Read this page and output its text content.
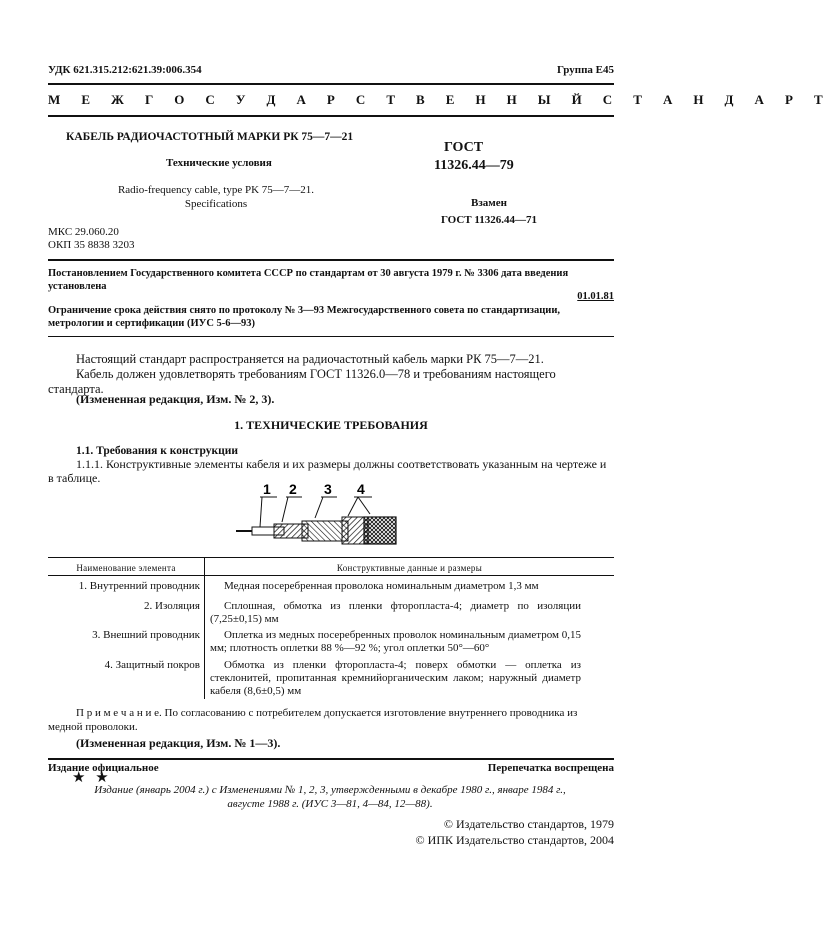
УДК 621.315.212:621.39:006.354	Группа Е45
М Е Ж Г О С У Д А Р С Т В Е Н Н Ы Й С Т А Н Д А Р Т
КАБЕЛЬ РАДИОЧАСТОТНЫЙ МАРКИ РК 75—7—21
Технические условия
Radio-frequency cable, type PK 75—7—21.
Specifications
ГОСТ
11326.44—79
Взамен
ГОСТ 11326.44—71
МКС 29.060.20
ОКП 35 8838 3203
Постановлением Государственного комитета СССР по стандартам от 30 августа 1979 г. № 3306 дата введения установлена
01.01.81
Ограничение срока действия снято по протоколу № 3—93 Межгосударственного совета по стандартизации, метрологии и сертификации (ИУС 5-6—93)
Настоящий стандарт распространяется на радиочастотный кабель марки РК 75—7—21.
Кабель должен удовлетворять требованиям ГОСТ 11326.0—78 и требованиям настоящего стандарта.
(Измененная редакция, Изм. № 2, 3).
1. ТЕХНИЧЕСКИЕ ТРЕБОВАНИЯ
1.1. Требования к конструкции
1.1.1. Конструктивные элементы кабеля и их размеры должны соответствовать указанным на чертеже и в таблице.
1 2 3 4
Наименование элемента	Конструктивные данные и размеры
1. Внутренний проводник	Медная посеребренная проволока номинальным диаметром 1,3 мм
2. Изоляция	Сплошная, обмотка из пленки фторопласта-4; диаметр по изоляции (7,25±0,15) мм
3. Внешний проводник	Оплетка из медных посеребренных проволок номинальным диаметром 0,15 мм; плотность оплетки 88 %—92 %; угол оплетки 50°—60°
4. Защитный покров	Обмотка из пленки фторопласта-4; поверх обмотки — оплетка из стеклонитей, пропитанная кремнийорганическим лаком; наружный диаметр кабеля (8,6±0,5) мм
П р и м е ч а н и е. По согласованию с потребителем допускается изготовление внутреннего проводника из медной проволоки.
(Измененная редакция, Изм. № 1—3).
Издание официальное	Перепечатка воспрещена
★ ★
Издание (январь 2004 г.) с Изменениями № 1, 2, 3, утвержденными в декабре 1980 г., январе 1984 г., августе 1988 г. (ИУС 3—81, 4—84, 12—88).
© Издательство стандартов, 1979
© ИПК Издательство стандартов, 2004
